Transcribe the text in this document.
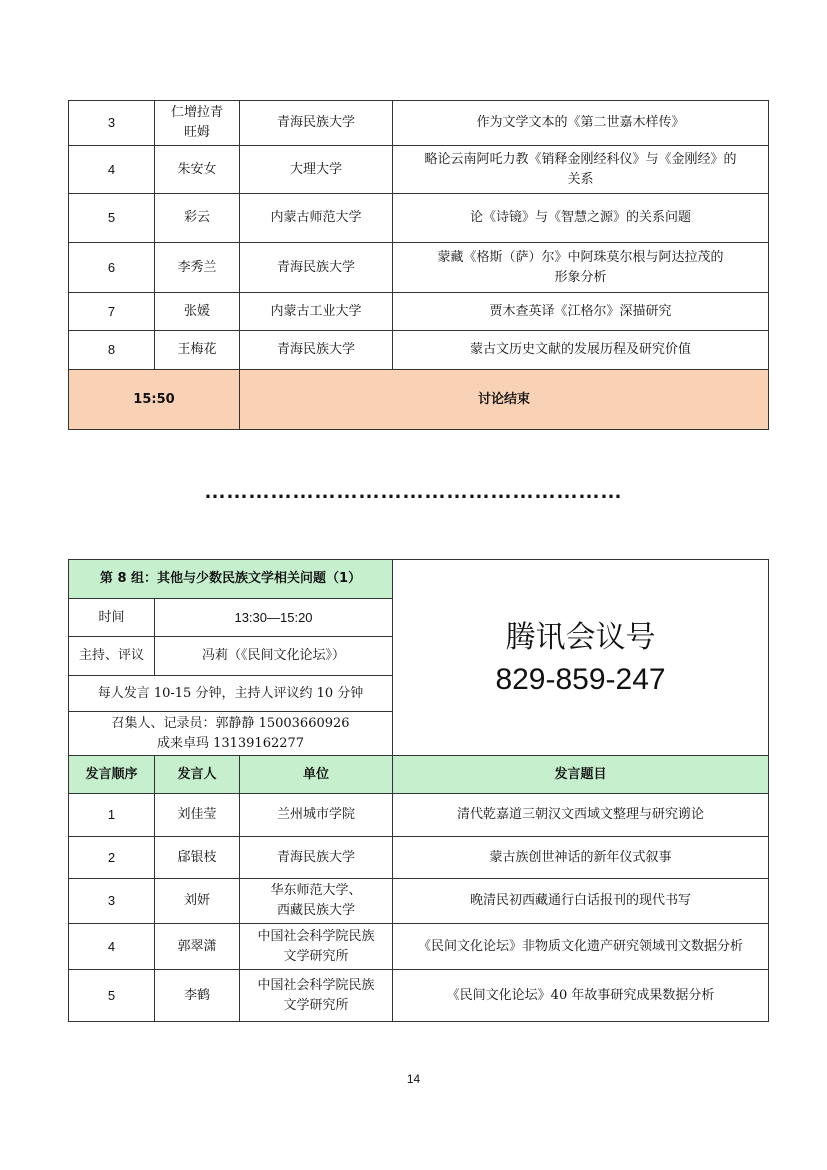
3	仁增拉青
旺姆	青海民族大学	作为文学文本的《第二世嘉木样传》
4	朱安女	大理大学	略论云南阿吒力教《销释金刚经科仪》与《金刚经》的
关系
5	彩云	内蒙古师范大学	论《诗镜》与《智慧之源》的关系问题
6	李秀兰	青海民族大学	蒙藏《格斯（萨）尔》中阿珠莫尔根与阿达拉茂的
形象分析
7	张媛	内蒙古工业大学	贾木查英译《江格尔》深描研究
8	王梅花	青海民族大学	蒙古文历史文献的发展历程及研究价值
15:50		讨论结束	
…………………………………………………
第 8 组：其他与少数民族文学相关问题（1）			腾讯会议号
829-859-247

时间	13:30—15:20		
主持、评议	冯莉（《民间文化论坛》）		
每人发言 10-15 分钟，主持人评议约 10 分钟			
召集人、记录员：郭静静 15003660926
成来卓玛 13139162277			
发言顺序	发言人	单位	发言题目
1	刘佳莹	兰州城市学院	清代乾嘉道三朝汉文西域文整理与研究谫论
2	郈银枝	青海民族大学	蒙古族创世神话的新年仪式叙事
3	刘妍	华东师范大学、
西藏民族大学	晚清民初西藏通行白话报刊的现代书写
4	郭翠潇	中国社会科学院民族
文学研究所	《民间文化论坛》非物质文化遗产研究领域刊文数据分析
5	李鹤	中国社会科学院民族
文学研究所	《民间文化论坛》40 年故事研究成果数据分析
14
